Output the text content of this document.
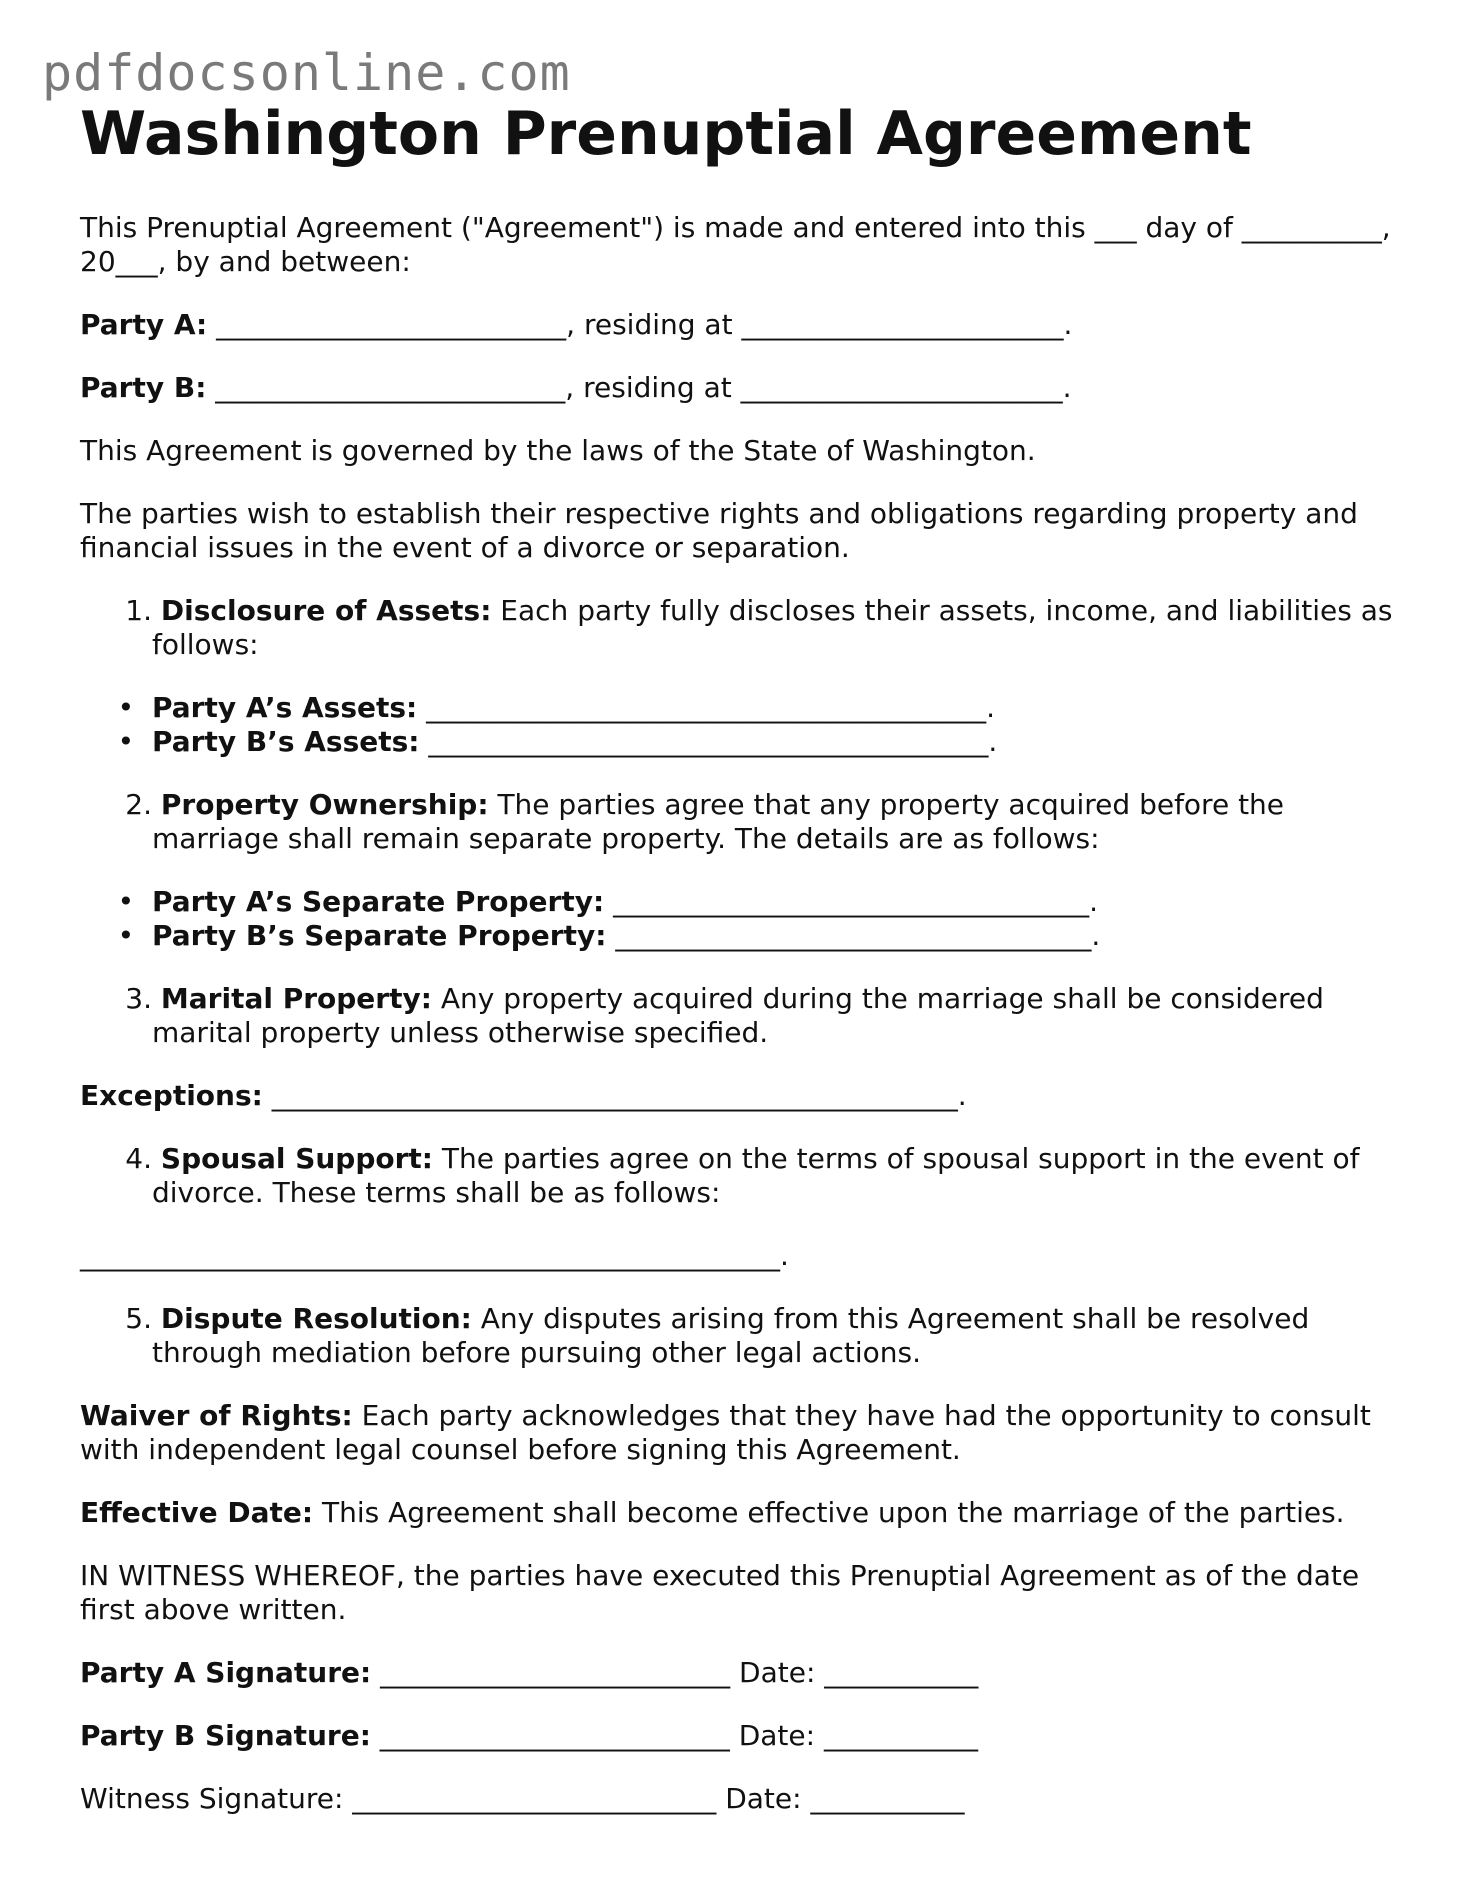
pdfdocsonline.com
Washington Prenuptial Agreement

This Prenuptial Agreement ("Agreement") is made and entered into this ___ day of __________, 20___, by and between:

Party A: _________________________, residing at _______________________.

Party B: _________________________, residing at _______________________.

This Agreement is governed by the laws of the State of Washington.

The parties wish to establish their respective rights and obligations regarding property and financial issues in the event of a divorce or separation.

1. Disclosure of Assets: Each party fully discloses their assets, income, and liabilities as follows:
• Party A’s Assets: ________________________________________.
• Party B’s Assets: ________________________________________.
2. Property Ownership: The parties agree that any property acquired before the marriage shall remain separate property. The details are as follows:
• Party A’s Separate Property: __________________________________.
• Party B’s Separate Property: __________________________________.
3. Marital Property: Any property acquired during the marriage shall be considered marital property unless otherwise specified.

Exceptions: _________________________________________________.

4. Spousal Support: The parties agree on the terms of spousal support in the event of divorce. These terms shall be as follows:

__________________________________________________.

5. Dispute Resolution: Any disputes arising from this Agreement shall be resolved through mediation before pursuing other legal actions.

Waiver of Rights: Each party acknowledges that they have had the opportunity to consult with independent legal counsel before signing this Agreement.

Effective Date: This Agreement shall become effective upon the marriage of the parties.

IN WITNESS WHEREOF, the parties have executed this Prenuptial Agreement as of the date first above written.

Party A Signature: _________________________ Date: ___________

Party B Signature: _________________________ Date: ___________

Witness Signature: __________________________ Date: ___________
